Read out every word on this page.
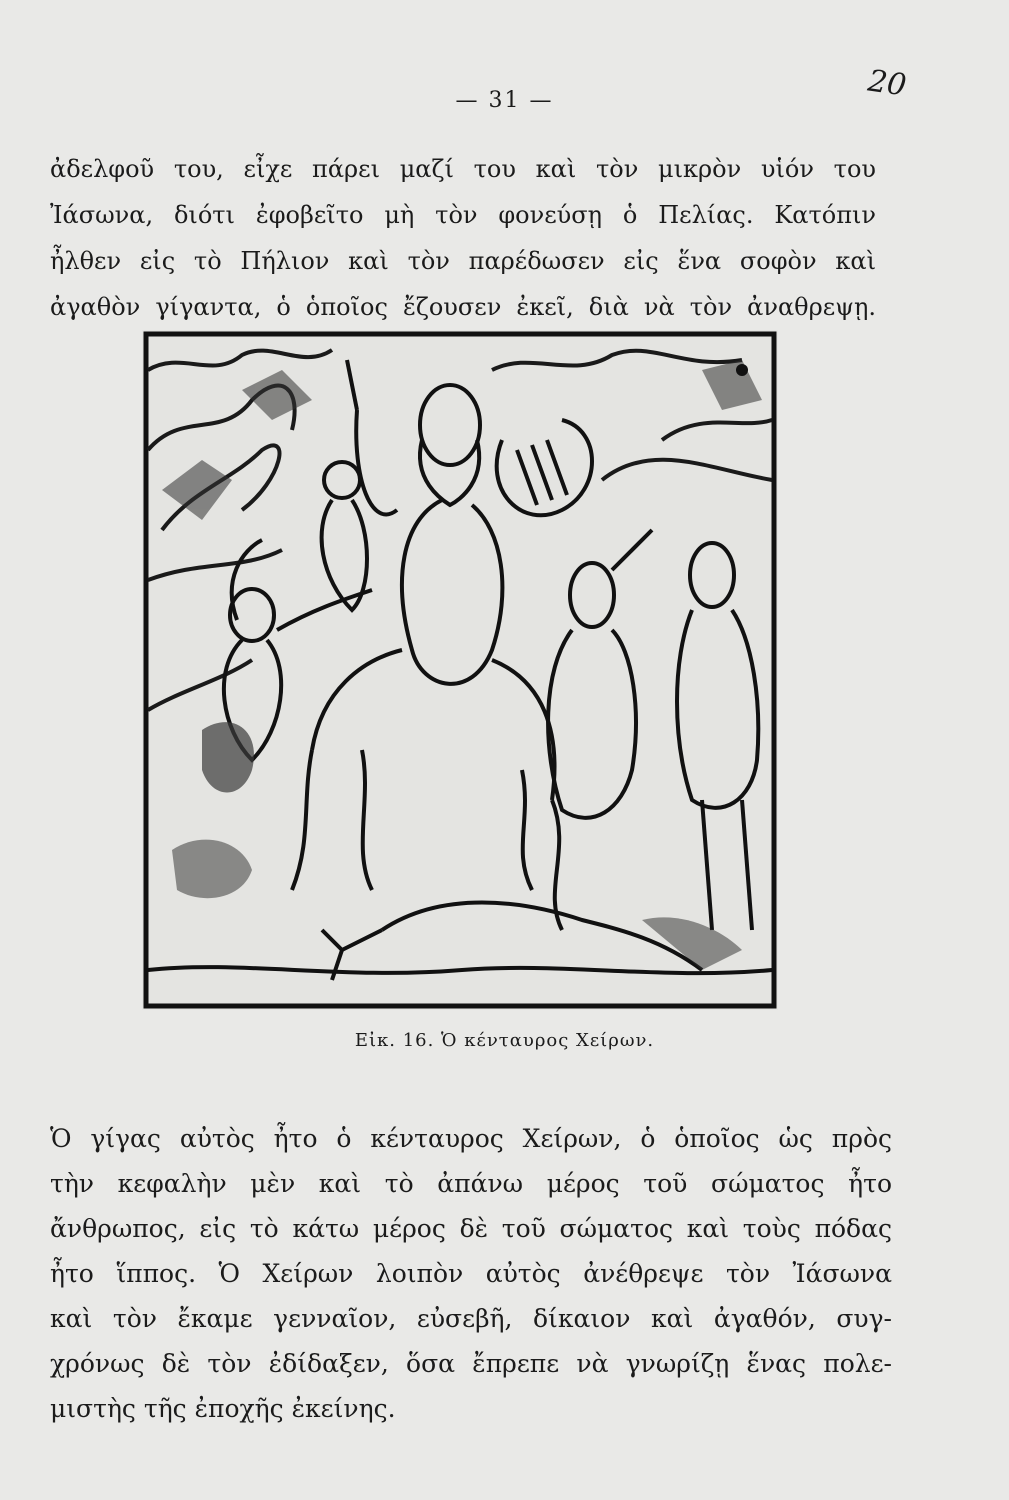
— 31 —	20
ἀδελφοῦ του, εἶχε πάρει μαζί του καὶ τὸν μικρὸν υἱόν του
Ἰάσωνα, διότι ἐφοβεῖτο μὴ τὸν φονεύσῃ ὁ Πελίας. Κατόπιν
ἦλθεν εἰς τὸ Πήλιον καὶ τὸν παρέδωσεν εἰς ἕνα σοφὸν καὶ
ἀγαθὸν γίγαντα, ὁ ὁποῖος ἔζουσεν ἐκεῖ, διὰ νὰ τὸν ἀναθρεψῃ.
Εἰκ. 16. Ὁ κένταυρος Χείρων.
Ὁ γίγας αὐτὸς ἦτο ὁ κένταυρος Χείρων, ὁ ὁποῖος ὡς πρὸς
τὴν κεφαλὴν μὲν καὶ τὸ ἀπάνω μέρος τοῦ σώματος ἦτο
ἄνθρωπος, εἰς τὸ κάτω μέρος δὲ τοῦ σώματος καὶ τοὺς πόδας
ἦτο ἵππος. Ὁ Χείρων λοιπὸν αὐτὸς ἀνέθρεψε τὸν Ἰάσωνα
καὶ τὸν ἔκαμε γενναῖον, εὐσεβῆ, δίκαιον καὶ ἀγαθόν, συγ-
χρόνως δὲ τὸν ἐδίδαξεν, ὅσα ἔπρεπε νὰ γνωρίζῃ ἕνας πολε-
μιστὴς τῆς ἐποχῆς ἐκείνης.
